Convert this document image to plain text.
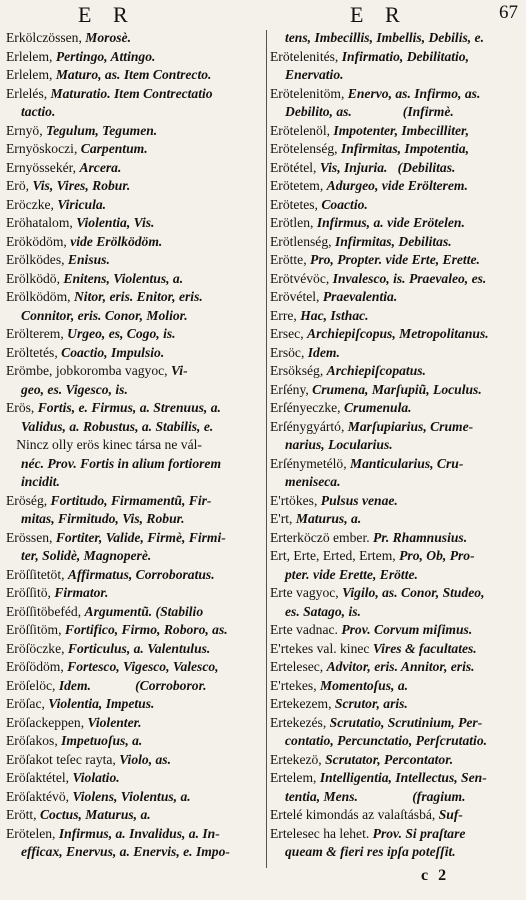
E R	E R	67
Erkölczössen, Morosè.
Erlelem, Pertingo, Attingo.
Erlelem, Maturo, as. Item Contrecto.
Erlelés, Maturatio. Item Contrectatio
tactio.
Ernyö, Tegulum, Tegumen.
Ernyöskoczi, Carpentum.
Ernyössekér, Arcera.
Erö, Vis, Vires, Robur.
Eröczke, Viricula.
Eröhatalom, Violentia, Vis.
Eröködöm, vide Erölködöm.
Erölködes, Enisus.
Erölködö, Enitens, Violentus, a.
Erölködöm, Nitor, eris. Enitor, eris.
Connitor, eris. Conor, Molior.
Erölterem, Urgeo, es, Cogo, is.
Eröltetés, Coactio, Impulsio.
Erömbe, jobkoromba vagyoc, Vi-
geo, es. Vigesco, is.
Erös, Fortis, e. Firmus, a. Strenuus, a.
Validus, a. Robustus, a. Stabilis, e.
Nincz olly erös kinec társa ne vál-
néc. Prov. Fortis in alium fortiorem
incidit.
Eröség, Fortitudo, Firmamentũ, Fir-
mitas, Firmitudo, Vis, Robur.
Erössen, Fortiter, Valide, Firmè, Firmi-
ter, Solidè, Magnoperè.
Eröſſitetöt, Affirmatus, Corroboratus.
Eröſſitö, Firmator.
Eröſſitöbeféd, Argumentũ. (Stabilio
Eröſſitöm, Fortifico, Firmo, Roboro, as.
Eröſöczke, Forticulus, a. Valentulus.
Eröſödöm, Fortesco, Vigesco, Valesco,
Eröſelöc, Idem.             (Corroboror.
Eröſac, Violentia, Impetus.
Eröſackeppen, Violenter.
Eröſakos, Impetuoſus, a.
Eröſakot teſec rayta, Violo, as.
Eröſaktétel, Violatio.
Eröſaktévö, Violens, Violentus, a.
Erött, Coctus, Maturus, a.
Erötelen, Infirmus, a. Invalidus, a. In-
efficax, Enervus, a. Enervis, e. Impo-
tens, Imbecillis, Imbellis, Debilis, e.
Erötelenités, Infirmatio, Debilitatio,
Enervatio.
Erötelenitöm, Enervo, as. Infirmo, as.
Debilito, as.               (Infirmè.
Erötelenöl, Impotenter, Imbecilliter,
Erötelenség, Infirmitas, Impotentia,
Erötétel, Vis, Injuria.   (Debilitas.
Erötetem, Adurgeo, vide Erölterem.
Erötetes, Coactio.
Erötlen, Infirmus, a. vide Erötelen.
Erötlenség, Infirmitas, Debilitas.
Erötte, Pro, Propter. vide Erte, Erette.
Erötvévöc, Invalesco, is. Praevaleo, es.
Erövétel, Praevalentia.
Erre, Hac, Isthac.
Ersec, Archiepiſcopus, Metropolitanus.
Ersöc, Idem.
Ersökség, Archiepiſcopatus.
Erſény, Crumena, Marſupiũ, Loculus.
Erſényeczke, Crumenula.
Erſénygyártó, Marſupiarius, Crume-
narius, Locularius.
Erſénymetélö, Manticularius, Cru-
menisecа.
E'rtökes, Pulsus venae.
E'rt, Maturus, a.
Erterköczö ember. Pr. Rhamnusius.
Ert, Erte, Erted, Ertem, Pro, Ob, Pro-
pter. vide Erette, Erötte.
Erte vagyoc, Vigilo, as. Conor, Studeo,
es. Satago, is.
Erte vadnac. Prov. Corvum miſimus.
E'rtekes val. kinec Vires & facultates.
Ertelesec, Advitor, eris. Annitor, eris.
E'rtekes, Momentoſus, a.
Ertekezem, Scrutor, aris.
Ertekezés, Scrutatio, Scrutinium, Per-
contatio, Percunctatio, Perſcrutatio.
Ertekezö, Scrutator, Percontator.
Ertelem, Intelligentia, Intellectus, Sen-
tentia, Mens.                (fragium.
Ertelé kimondás az valaſtásbá, Suf-
Ertelesec ha lehet. Prov. Si praſtare
queam & fieri res ipſa poteſſit.
c 2
